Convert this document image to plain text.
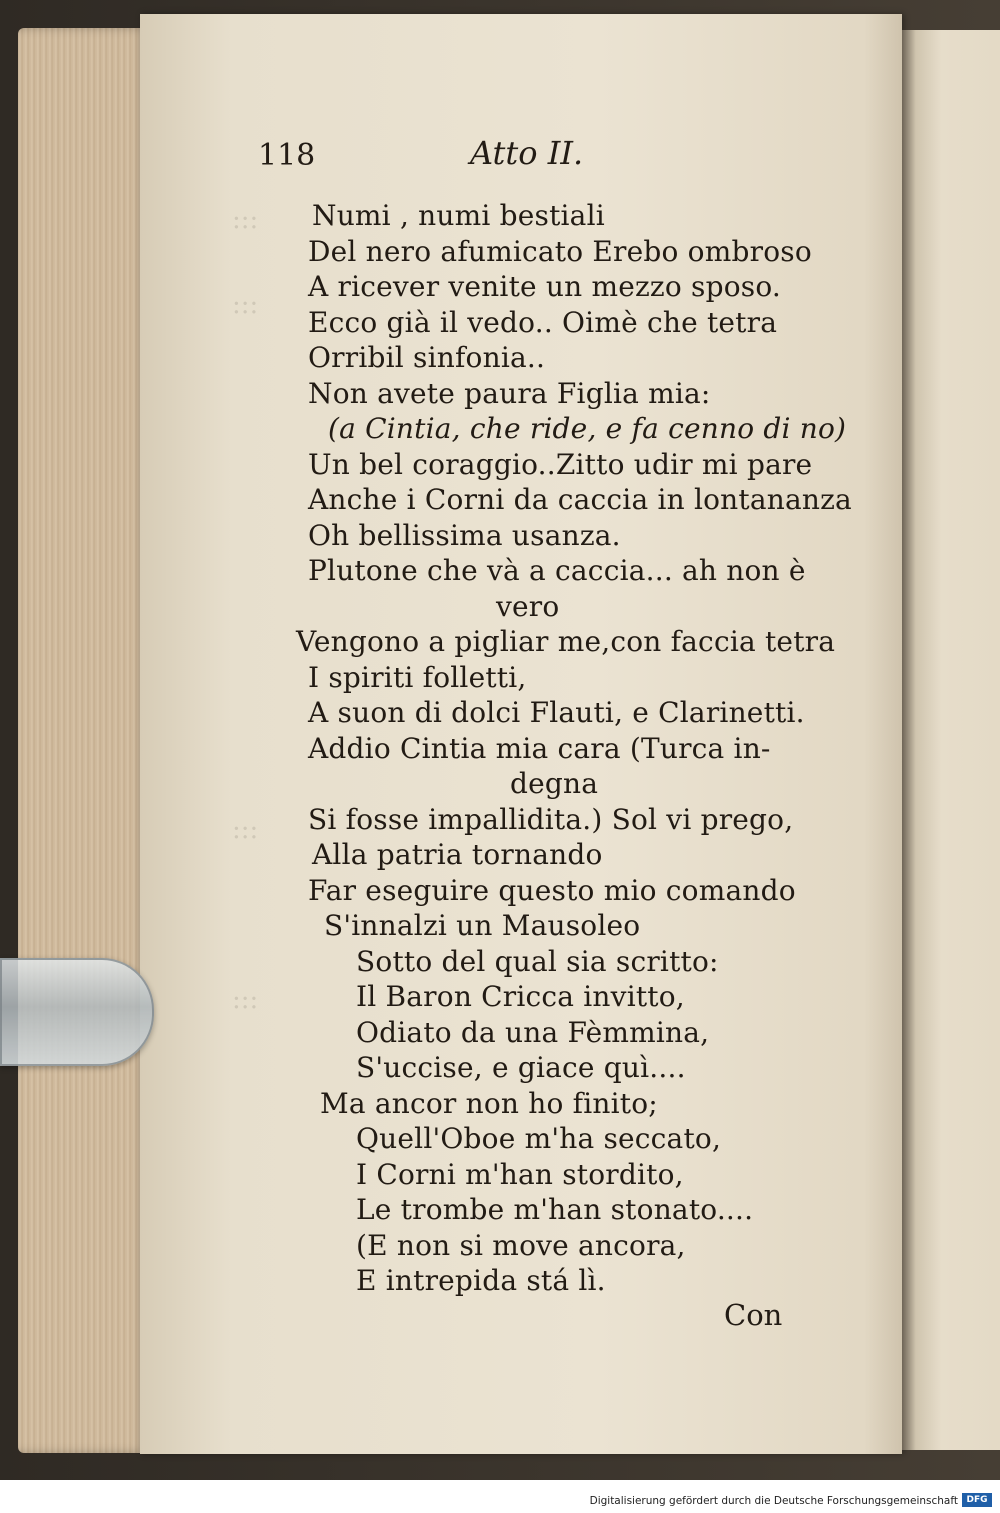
118	Atto II.
Numi , numi bestiali
Del nero afumicato Erebo ombroso
A ricever venite un mezzo sposo.
Ecco già il vedo.. Oimè che tetra
Orribil sinfonia..
Non avete paura Figlia mia:
(a Cintia, che ride, e fa cenno di no)
Un bel coraggio..Zitto udir mi pare
Anche i Corni da caccia in lontananza
Oh bellissima usanza.
Plutone che và a caccia... ah non è
vero
Vengono a pigliar me,con faccia tetra
I spiriti folletti,
A suon di dolci Flauti, e Clarinetti.
Addio Cintia mia cara (Turca in-
degna
Si fosse impallidita.) Sol vi prego,
Alla patria tornando
Far eseguire questo mio comando
S'innalzi un Mausoleo
Sotto del qual sia scritto:
Il Baron Cricca invitto,
Odiato da una Fèmmina,
S'uccise, e giace quì....
Ma ancor non ho finito;
Quell'Oboe m'ha seccato,
I Corni m'han stordito,
Le trombe m'han stonato....
(E non si move ancora,
E intrepida stá lì.
Con
Digitalisierung gefördert durch die Deutsche Forschungsgemeinschaft DFG
